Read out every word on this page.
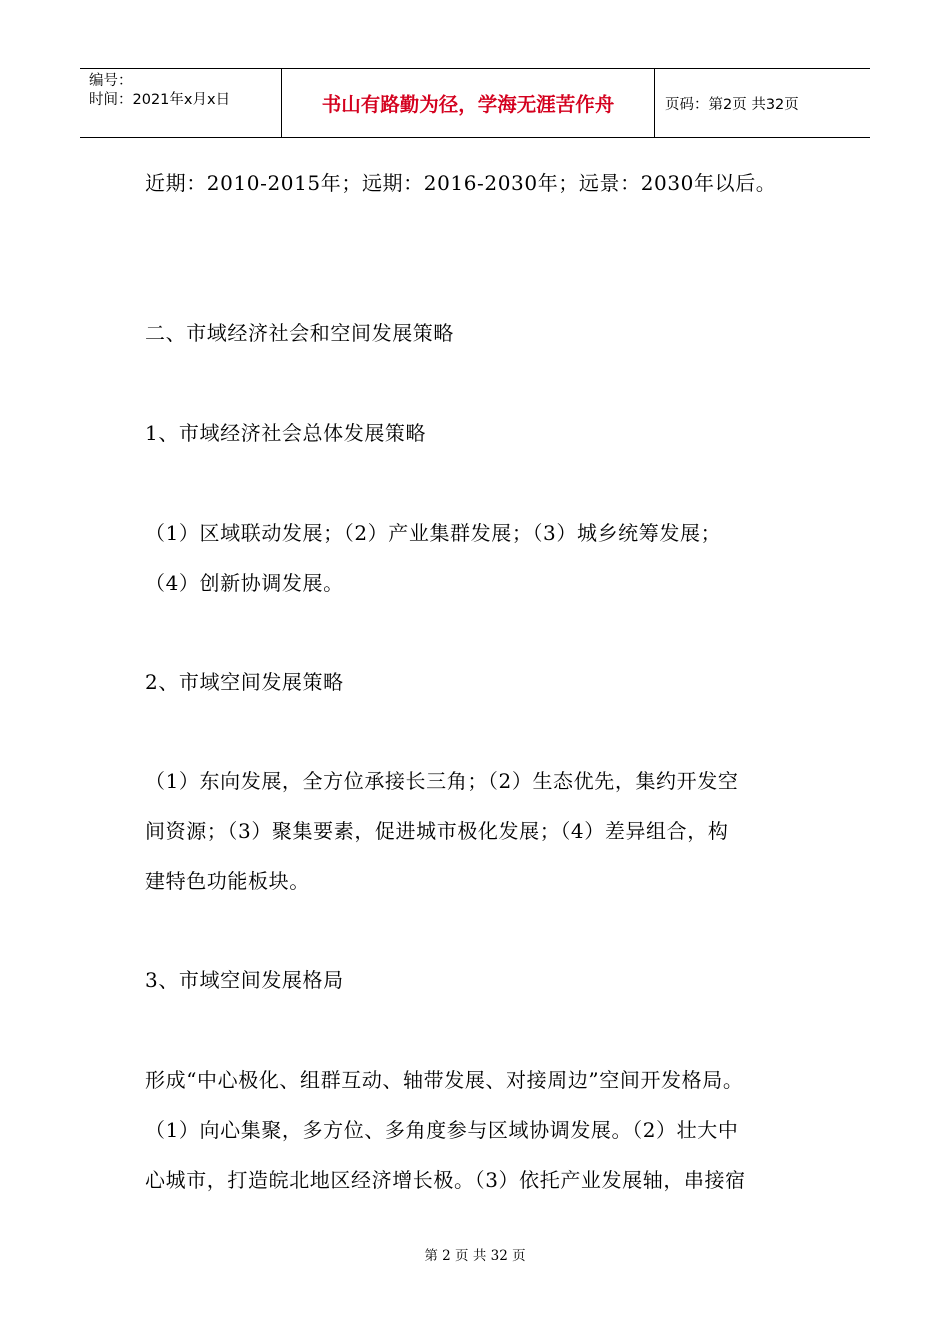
编号：
时间：2021年x月x日	书山有路勤为径，学海无涯苦作舟	页码：第2页 共32页
近期：2010-2015年；远期：2016-2030年；远景：2030年以后。
二、市域经济社会和空间发展策略
1、市域经济社会总体发展策略
（1）区域联动发展；（2）产业集群发展；（3）城乡统筹发展；
（4）创新协调发展。
2、市域空间发展策略
（1）东向发展，全方位承接长三角；（2）生态优先，集约开发空
间资源；（3）聚集要素，促进城市极化发展；（4）差异组合，构
建特色功能板块。
3、市域空间发展格局
形成“中心极化、组群互动、轴带发展、对接周边”空间开发格局。
（1）向心集聚，多方位、多角度参与区域协调发展。（2）壮大中
心城市，打造皖北地区经济增长极。（3）依托产业发展轴，串接宿
第 2 页 共 32 页
